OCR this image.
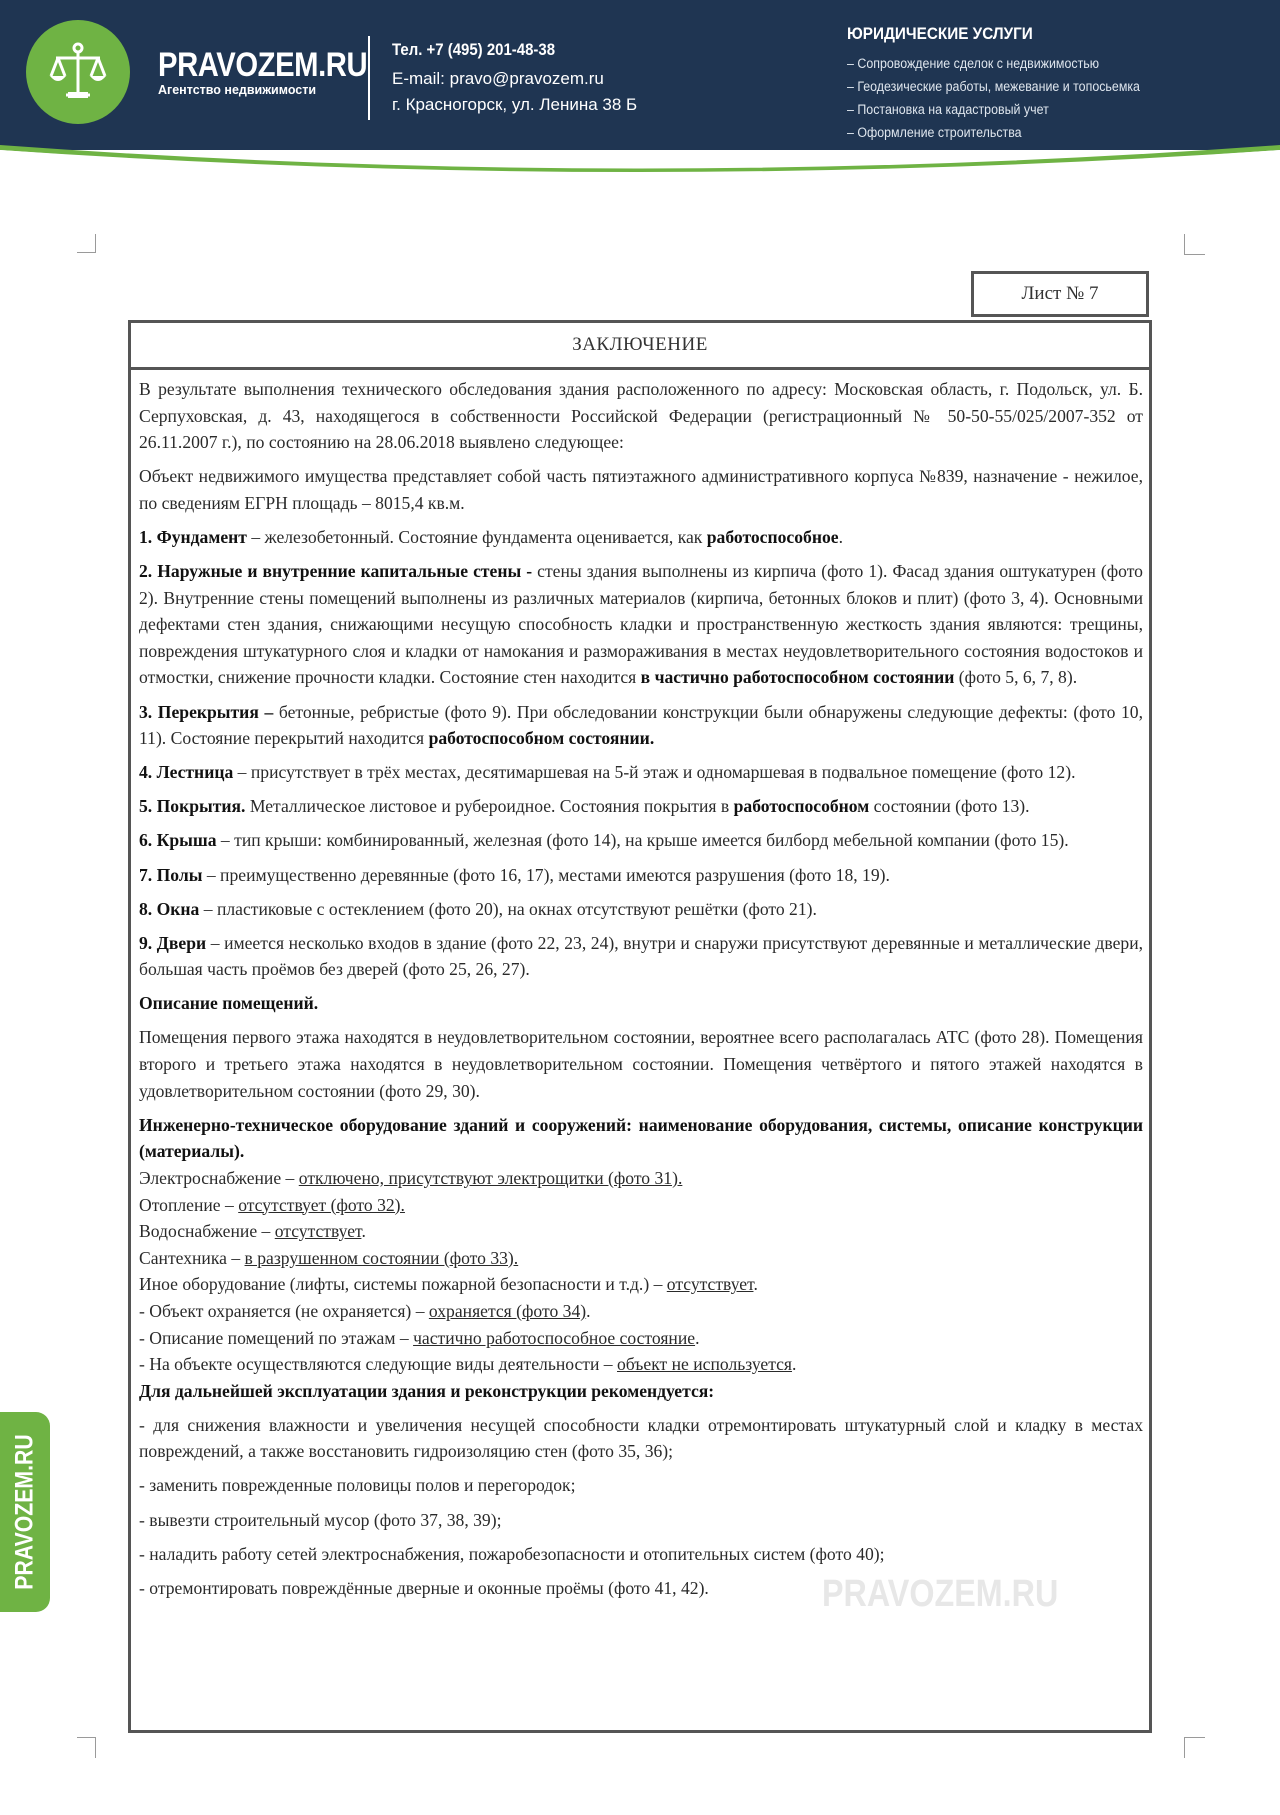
PRAVOZEM.RU
Агентство недвижимости
Тел. +7 (495) 201-48-38
E-mail: pravo@pravozem.ru
г. Красногорск, ул. Ленина 38 Б
ЮРИДИЧЕСКИЕ УСЛУГИ
– Сопровождение сделок с недвижимостью
– Геодезические работы, межевание и топосьемка
– Постановка на кадастровый учет
– Оформление строительства
PRAVOZEM.RU
Лист № 7
ЗАКЛЮЧЕНИЕ

В результате выполнения технического обследования здания расположенного по адресу: Московская область, г. Подольск, ул. Б. Серпуховская, д. 43, находящегося в собственности Российской Федерации (регистрационный № 50-50-55/025/2007-352 от 26.11.2007 г.), по состоянию на 28.06.2018 выявлено следующее:

Объект недвижимого имущества представляет собой часть пятиэтажного административного корпуса №839, назначение - нежилое, по сведениям ЕГРН площадь – 8015,4 кв.м.

1. Фундамент – железобетонный. Состояние фундамента оценивается, как работоспособное.

2. Наружные и внутренние капитальные стены - стены здания выполнены из кирпича (фото 1). Фасад здания оштукатурен (фото 2). Внутренние стены помещений выполнены из различных материалов (кирпича, бетонных блоков и плит) (фото 3, 4). Основными дефектами стен здания, снижающими несущую способность кладки и пространственную жесткость здания являются: трещины, повреждения штукатурного слоя и кладки от намокания и размораживания в местах неудовлетворительного состояния водостоков и отмостки, снижение прочности кладки. Состояние стен находится в частично работоспособном состоянии (фото 5, 6, 7, 8).

3. Перекрытия – бетонные, ребристые (фото 9). При обследовании конструкции были обнаружены следующие дефекты: (фото 10, 11). Состояние перекрытий находится работоспособном состоянии.

4. Лестница – присутствует в трёх местах, десятимаршевая на 5-й этаж и одномаршевая в подвальное помещение (фото 12).

5. Покрытия. Металлическое листовое и рубероидное. Состояния покрытия в работоспособном состоянии (фото 13).

6. Крыша – тип крыши: комбинированный, железная (фото 14), на крыше имеется билборд мебельной компании (фото 15).

7. Полы – преимущественно деревянные (фото 16, 17), местами имеются разрушения (фото 18, 19).

8. Окна – пластиковые с остеклением (фото 20), на окнах отсутствуют решётки (фото 21).

9. Двери – имеется несколько входов в здание (фото 22, 23, 24), внутри и снаружи присутствуют деревянные и металлические двери, большая часть проёмов без дверей (фото 25, 26, 27).

Описание помещений.

Помещения первого этажа находятся в неудовлетворительном состоянии, вероятнее всего располагалась АТС (фото 28). Помещения второго и третьего этажа находятся в неудовлетворительном состоянии. Помещения четвёртого и пятого этажей находятся в удовлетворительном состоянии (фото 29, 30).

Инженерно-техническое оборудование зданий и сооружений: наименование оборудования, системы, описание конструкции (материалы).

Электроснабжение – отключено, присутствуют электрощитки (фото 31).

Отопление – отсутствует (фото 32).

Водоснабжение – отсутствует.

Сантехника – в разрушенном состоянии (фото 33).

Иное оборудование (лифты, системы пожарной безопасности и т.д.) – отсутствует.

- Объект охраняется (не охраняется) – охраняется (фото 34).

- Описание помещений по этажам – частично работоспособное состояние.

- На объекте осуществляются следующие виды деятельности – объект не используется.

Для дальнейшей эксплуатации здания и реконструкции рекомендуется:

- для снижения влажности и увеличения несущей способности кладки отремонтировать штукатурный слой и кладку в местах повреждений, а также восстановить гидроизоляцию стен (фото 35, 36);

- заменить поврежденные половицы полов и перегородок;

- вывезти строительный мусор (фото 37, 38, 39);

- наладить работу сетей электроснабжения, пожаробезопасности и отопительных систем (фото 40);

- отремонтировать повреждённые дверные и оконные проёмы (фото 41, 42).	PRAVOZEM.RU
